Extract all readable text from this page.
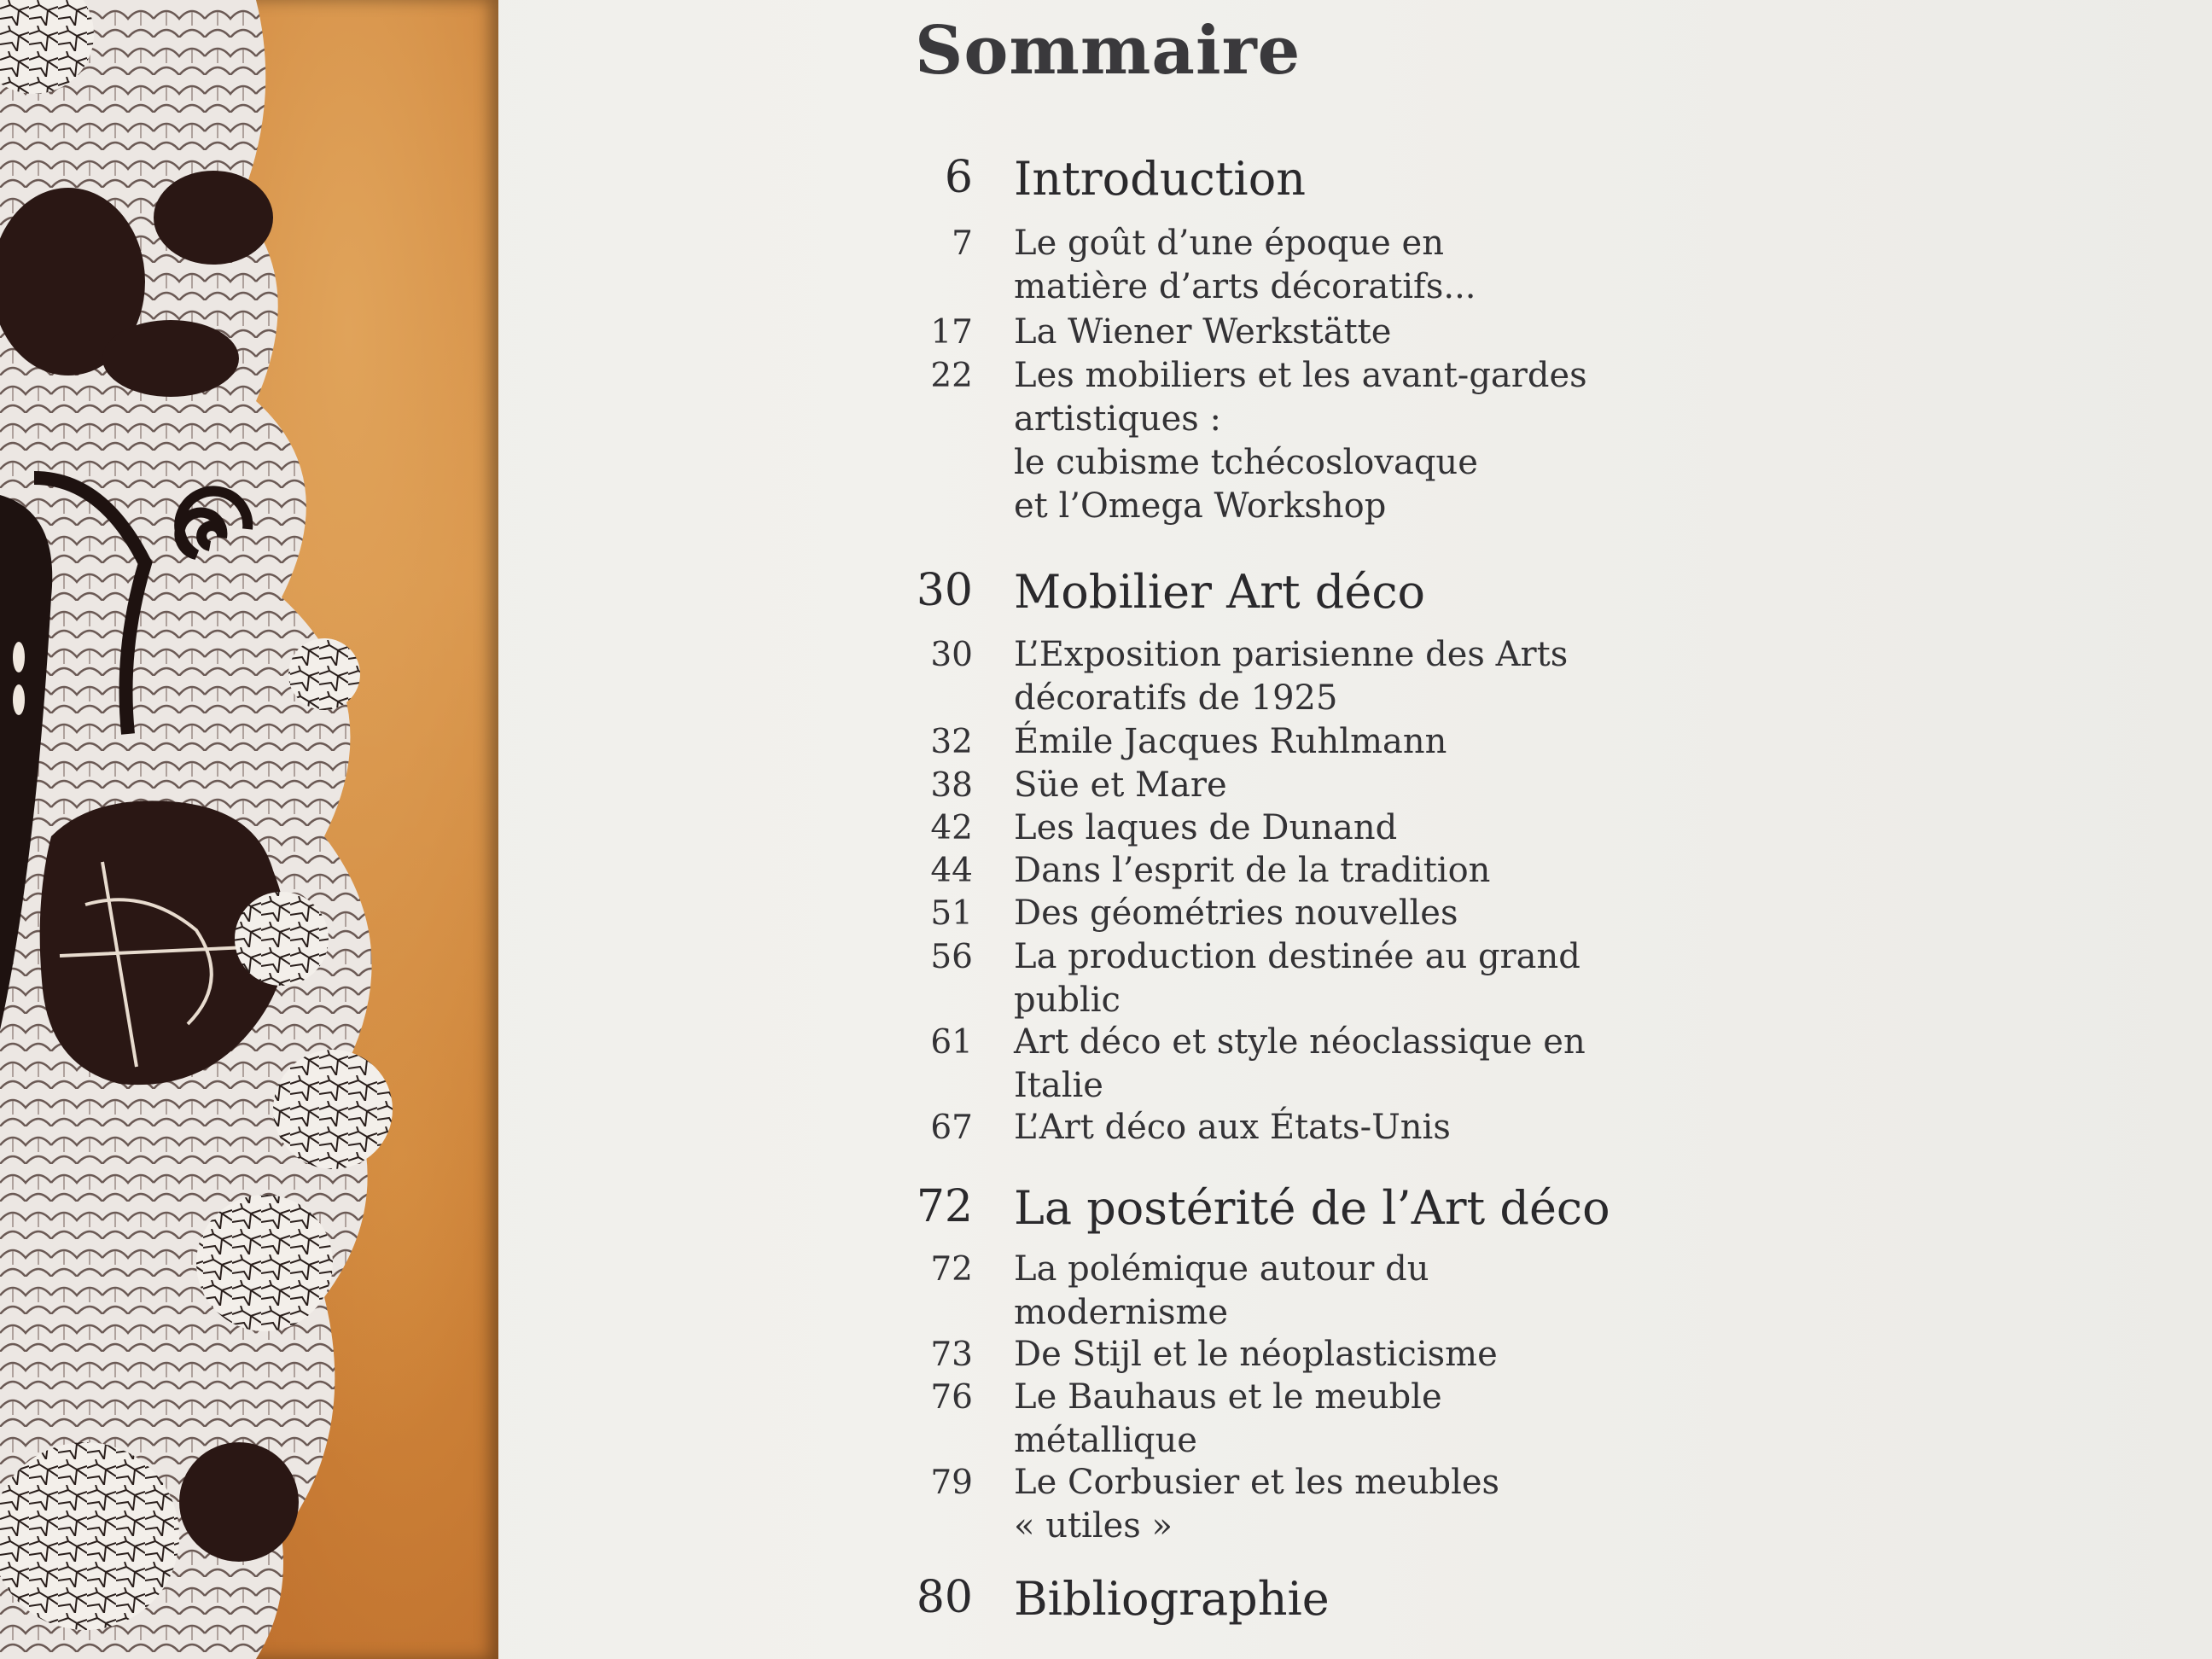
Sommaire
6 Introduction
7	Le goût d’une époque en
matière d’arts décoratifs...
17	La Wiener Werkstätte
22	Les mobiliers et les avant-gardes
artistiques :
le cubisme tchécoslovaque
et l’Omega Workshop
30 Mobilier Art déco
30	L’Exposition parisienne des Arts
décoratifs de 1925
32	Émile Jacques Ruhlmann
38	Süe et Mare
42	Les laques de Dunand
44	Dans l’esprit de la tradition
51	Des géométries nouvelles
56	La production destinée au grand
public
61	Art déco et style néoclassique en
Italie
67	L’Art déco aux États-Unis
72 La postérité de l’Art déco
72	La polémique autour du
modernisme
73	De Stijl et le néoplasticisme
76	Le Bauhaus et le meuble
métallique
79	Le Corbusier et les meubles
« utiles »
80 Bibliographie
